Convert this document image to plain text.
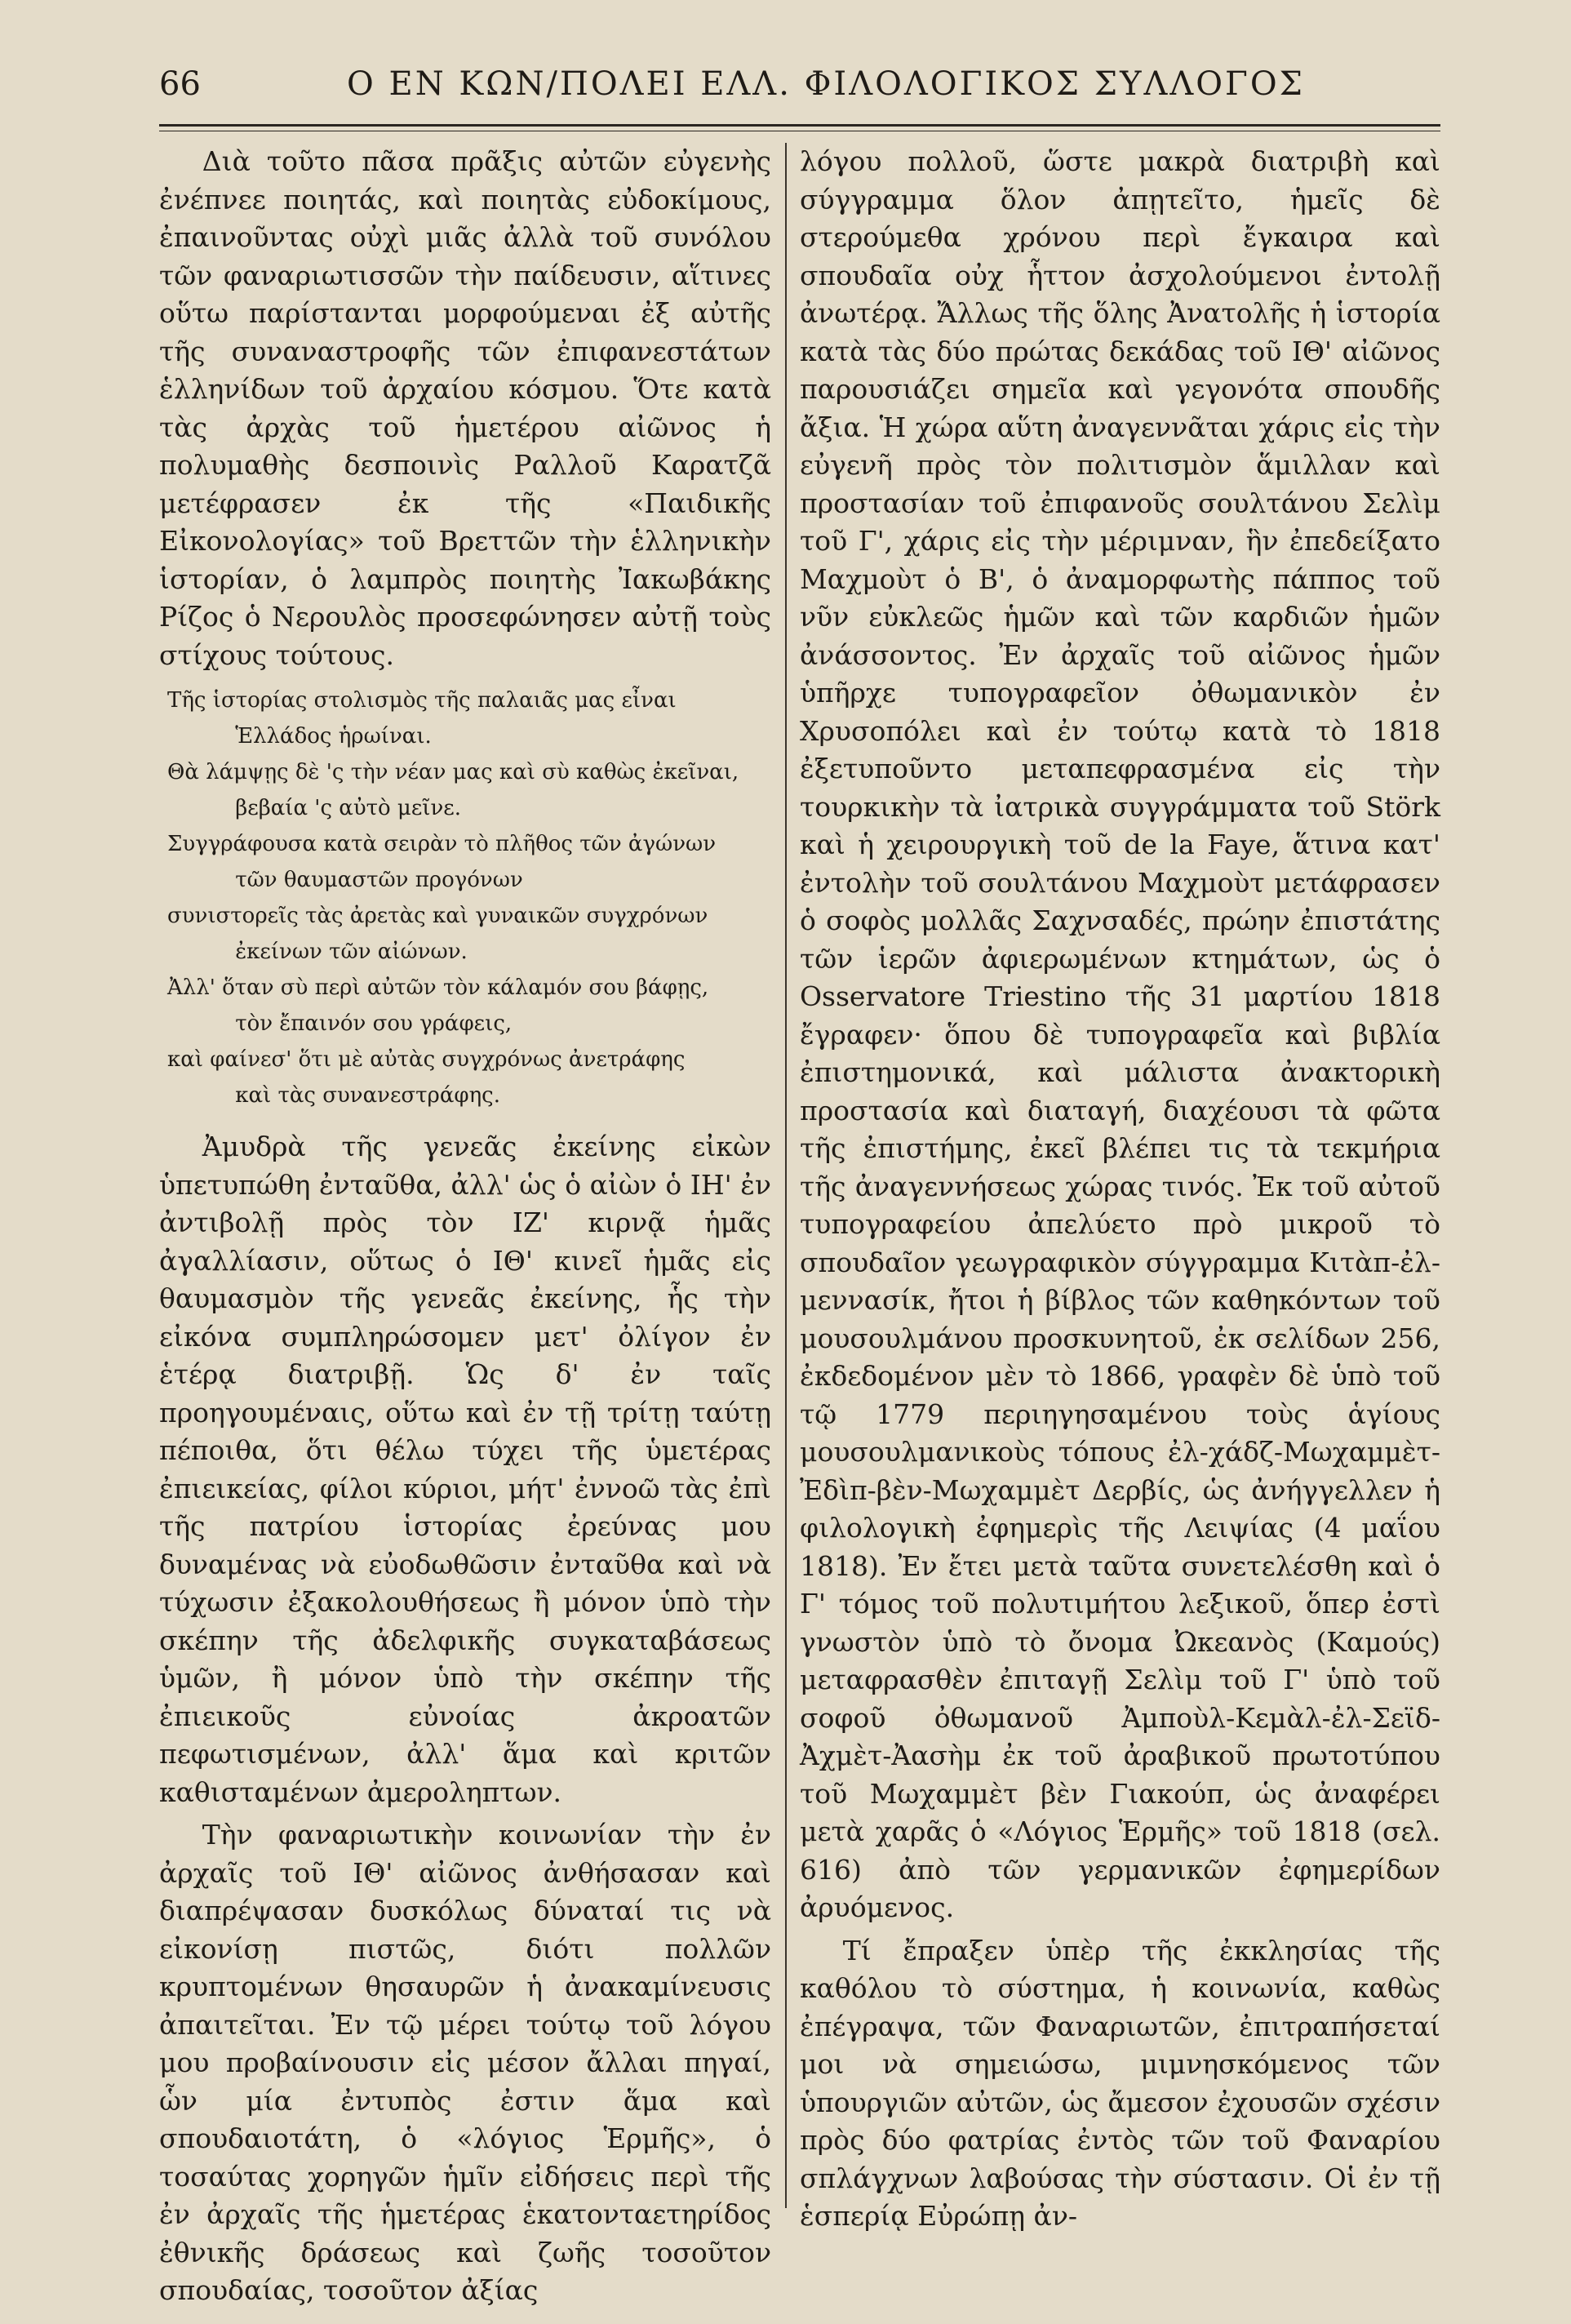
66	Ο ΕΝ ΚΩΝ/ΠΟΛΕΙ ΕΛΛ. ΦΙΛΟΛΟΓΙΚΟΣ ΣΥΛΛΟΓΟΣ

Διὰ τοῦτο πᾶσα πρᾶξις αὐτῶν εὐγενὴς ἐνέπνεε ποιητάς, καὶ ποιητὰς εὐδοκίμους, ἐπαινοῦντας οὐχὶ μιᾶς ἀλλὰ τοῦ συνόλου τῶν φαναριωτισσῶν τὴν παίδευσιν, αἵτινες οὕτω παρίστανται μορφούμεναι ἐξ αὐτῆς τῆς συναναστροφῆς τῶν ἐπιφανεστάτων ἑλληνίδων τοῦ ἀρχαίου κόσμου. Ὅτε κατὰ τὰς ἀρχὰς τοῦ ἡμετέρου αἰῶνος ἡ πολυμαθὴς δεσποινὶς Ραλλοῦ Καρατζᾶ μετέφρασεν ἐκ τῆς «Παιδικῆς Εἰκονολογίας» τοῦ Βρεττῶν τὴν ἑλληνικὴν ἱστορίαν, ὁ λαμπρὸς ποιητὴς Ἰακωβάκης Ρίζος ὁ Νερουλὸς προσεφώνησεν αὐτῇ τοὺς στίχους τούτους.

Τῆς ἱστορίας στολισμὸς τῆς παλαιᾶς μας εἶναι

Ἑλλάδος ἡρωίναι.

Θὰ λάμψῃς δὲ 'ς τὴν νέαν μας καὶ σὺ καθὼς ἐκεῖναι,

βεβαία 'ς αὐτὸ μεῖνε.

Συγγράφουσα κατὰ σειρὰν τὸ πλῆθος τῶν ἀγώνων

τῶν θαυμαστῶν προγόνων

συνιστορεῖς τὰς ἀρετὰς καὶ γυναικῶν συγχρόνων

ἐκείνων τῶν αἰώνων.

Ἀλλ' ὅταν σὺ περὶ αὐτῶν τὸν κάλαμόν σου βάφῃς,

τὸν ἔπαινόν σου γράφεις,

καὶ φαίνεσ' ὅτι μὲ αὐτὰς συγχρόνως ἀνετράφης

καὶ τὰς συνανεστράφης.

Ἀμυδρὰ τῆς γενεᾶς ἐκείνης εἰκὼν ὑπετυπώθη ἐνταῦθα, ἀλλ' ὡς ὁ αἰὼν ὁ ΙΗ' ἐν ἀντιβολῇ πρὸς τὸν ΙΖ' κιρνᾷ ἡμᾶς ἀγαλλίασιν, οὕτως ὁ ΙΘ' κινεῖ ἡμᾶς εἰς θαυμασμὸν τῆς γενεᾶς ἐκείνης, ἧς τὴν εἰκόνα συμπληρώσομεν μετ' ὀλίγον ἐν ἑτέρᾳ διατριβῇ. Ὡς δ' ἐν ταῖς προηγουμέναις, οὕτω καὶ ἐν τῇ τρίτῃ ταύτῃ πέποιθα, ὅτι θέλω τύχει τῆς ὑμετέρας ἐπιεικείας, φίλοι κύριοι, μήτ' ἐννοῶ τὰς ἐπὶ τῆς πατρίου ἱστορίας ἐρεύνας μου δυναμένας νὰ εὐοδωθῶσιν ἐνταῦθα καὶ νὰ τύχωσιν ἐξακολουθήσεως ἢ μόνον ὑπὸ τὴν σκέπην τῆς ἀδελφικῆς συγκαταβάσεως ὑμῶν, ἢ μόνον ὑπὸ τὴν σκέπην τῆς ἐπιεικοῦς εὐνοίας ἀκροατῶν πεφωτισμένων, ἀλλ' ἅμα καὶ κριτῶν καθισταμένων ἀμεροληπτων.

Τὴν φαναριωτικὴν κοινωνίαν τὴν ἐν ἀρχαῖς τοῦ ΙΘ' αἰῶνος ἀνθήσασαν καὶ διαπρέψασαν δυσκόλως δύναταί τις νὰ εἰκονίσῃ πιστῶς, διότι πολλῶν κρυπτομένων θησαυρῶν ἡ ἀνακαμίνευσις ἀπαιτεῖται. Ἐν τῷ μέρει τούτῳ τοῦ λόγου μου προβαίνουσιν εἰς μέσον ἄλλαι πηγαί, ὧν μία ἐντυπὸς ἐστιν ἅμα καὶ σπουδαιοτάτη, ὁ «λόγιος Ἑρμῆς», ὁ τοσαύτας χορηγῶν ἡμῖν εἰδήσεις περὶ τῆς ἐν ἀρχαῖς τῆς ἡμετέρας ἑκατονταετηρίδος ἐθνικῆς δράσεως καὶ ζωῆς τοσοῦτον σπουδαίας, τοσοῦτον ἀξίας

λόγου πολλοῦ, ὥστε μακρὰ διατριβὴ καὶ σύγγραμμα ὅλον ἀπῃτεῖτο, ἡμεῖς δὲ στερούμεθα χρόνου περὶ ἔγκαιρα καὶ σπουδαῖα οὐχ ἧττον ἀσχολούμενοι ἐντολῇ ἀνωτέρᾳ. Ἄλλως τῆς ὅλης Ἀνατολῆς ἡ ἱστορία κατὰ τὰς δύο πρώτας δεκάδας τοῦ ΙΘ' αἰῶνος παρουσιάζει σημεῖα καὶ γεγονότα σπουδῆς ἄξια. Ἡ χώρα αὕτη ἀναγεννᾶται χάρις εἰς τὴν εὐγενῆ πρὸς τὸν πολιτισμὸν ἅμιλλαν καὶ προστασίαν τοῦ ἐπιφανοῦς σουλτάνου Σελὶμ τοῦ Γ', χάρις εἰς τὴν μέριμναν, ἣν ἐπεδείξατο Μαχμοὺτ ὁ Β', ὁ ἀναμορφωτὴς πάππος τοῦ νῦν εὐκλεῶς ἡμῶν καὶ τῶν καρδιῶν ἡμῶν ἀνάσσοντος. Ἐν ἀρχαῖς τοῦ αἰῶνος ἡμῶν ὑπῆρχε τυπογραφεῖον ὀθωμανικὸν ἐν Χρυσοπόλει καὶ ἐν τούτῳ κατὰ τὸ 1818 ἐξετυποῦντο μεταπεφρασμένα εἰς τὴν τουρκικὴν τὰ ἰατρικὰ συγγράμματα τοῦ Störk καὶ ἡ χειρουργικὴ τοῦ de la Faye, ἅτινα κατ' ἐντολὴν τοῦ σουλτάνου Μαχμοὺτ μετάφρασεν ὁ σοφὸς μολλᾶς Σαχνσαδές, πρώην ἐπιστάτης τῶν ἱερῶν ἀφιερωμένων κτημάτων, ὡς ὁ Osservatore Triestino τῆς 31 μαρτίου 1818 ἔγραφεν· ὅπου δὲ τυπογραφεῖα καὶ βιβλία ἐπιστημονικά, καὶ μάλιστα ἀνακτορικὴ προστασία καὶ διαταγή, διαχέουσι τὰ φῶτα τῆς ἐπιστήμης, ἐκεῖ βλέπει τις τὰ τεκμήρια τῆς ἀναγεννήσεως χώρας τινός. Ἐκ τοῦ αὐτοῦ τυπογραφείου ἀπελύετο πρὸ μικροῦ τὸ σπουδαῖον γεωγραφικὸν σύγγραμμα Κιτὰπ-ἐλ-μεννασίκ, ἤτοι ἡ βίβλος τῶν καθηκόντων τοῦ μουσουλμάνου προσκυνητοῦ, ἐκ σελίδων 256, ἐκδεδομένον μὲν τὸ 1866, γραφὲν δὲ ὑπὸ τοῦ τῷ 1779 περιηγησαμένου τοὺς ἁγίους μουσουλμανικοὺς τόπους ἐλ-χάδζ-Μωχαμμὲτ-Ἐδὶπ-βὲν-Μωχαμμὲτ Δερβίς, ὡς ἀνήγγελλεν ἡ φιλολογικὴ ἐφημερὶς τῆς Λειψίας (4 μαΐου 1818). Ἐν ἔτει μετὰ ταῦτα συνετελέσθη καὶ ὁ Γ' τόμος τοῦ πολυτιμήτου λεξικοῦ, ὅπερ ἐστὶ γνωστὸν ὑπὸ τὸ ὄνομα Ὠκεανὸς (Καμούς) μεταφρασθὲν ἐπιταγῇ Σελὶμ τοῦ Γ' ὑπὸ τοῦ σοφοῦ ὀθωμανοῦ Ἀμποὺλ-Κεμὰλ-ἐλ-Σεϊδ-Ἀχμὲτ-Ἀασὴμ ἐκ τοῦ ἀραβικοῦ πρωτοτύπου τοῦ Μωχαμμὲτ βὲν Γιακούπ, ὡς ἀναφέρει μετὰ χαρᾶς ὁ «Λόγιος Ἑρμῆς» τοῦ 1818 (σελ. 616) ἀπὸ τῶν γερμανικῶν ἐφημερίδων ἀρυόμενος.

Τί ἔπραξεν ὑπὲρ τῆς ἐκκλησίας τῆς καθόλου τὸ σύστημα, ἡ κοινωνία, καθὼς ἐπέγραψα, τῶν Φαναριωτῶν, ἐπιτραπήσεταί μοι νὰ σημειώσω, μιμνησκόμενος τῶν ὑπουργιῶν αὐτῶν, ὡς ἄμεσον ἐχουσῶν σχέσιν πρὸς δύο φατρίας ἐντὸς τῶν τοῦ Φαναρίου σπλάγχνων λαβούσας τὴν σύστασιν. Οἱ ἐν τῇ ἑσπερίᾳ Εὐρώπῃ ἀν-
